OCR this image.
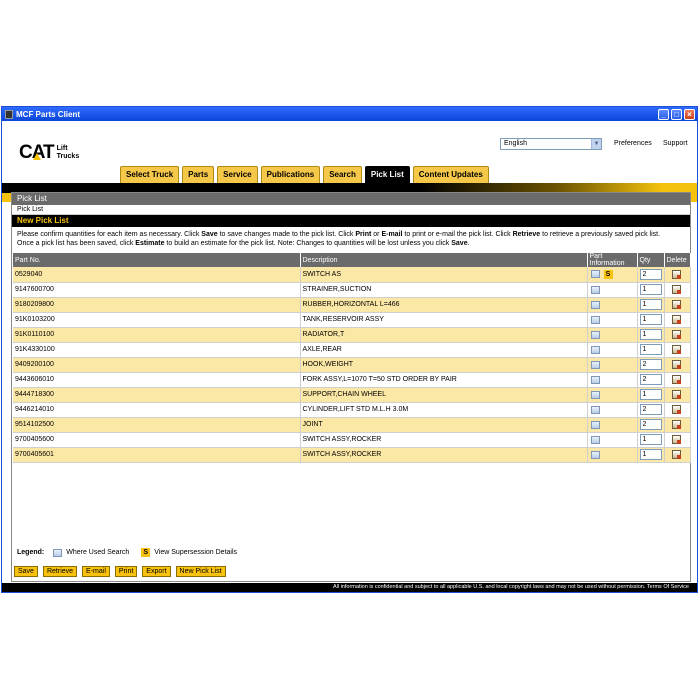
MCF Parts Client	_	□	×
CAT Lift
Trucks
English	▼ Preferences Support
Select Truck	Parts	Service	Publications	Search	Pick List	Content Updates
Pick List
Pick List
New Pick List
Please confirm quantities for each item as necessary. Click Save to save changes made to the pick list. Click Print or E-mail to print or e-mail the pick list. Click Retrieve to retrieve a previously saved pick list.
Once a pick list has been saved, click Estimate to build an estimate for the pick list. Note: Changes to quantities will be lost unless you click Save.
Part No.	Description	Part Information	Qty	Delete
0529040	SWITCH AS	S	2	
9147600700	STRAINER,SUCTION		1	
9180209800	RUBBER,HORIZONTAL L=466		1	
91K0103200	TANK,RESERVOIR ASSY		1	
91K0110100	RADIATOR,T		1	
91K4330100	AXLE,REAR		1	
9409200100	HOOK,WEIGHT		2	
9443606010	FORK ASSY,L=1070 T=50 STD ORDER BY PAIR		2	
9444718300	SUPPORT,CHAIN WHEEL		1	
9446214010	CYLINDER,LIFT STD M.L.H 3.0M		2	
9514102500	JOINT		2	
9700405600	SWITCH ASSY,ROCKER		1	
9700405601	SWITCH ASSY,ROCKER		1	
Legend:	Where Used Search	S View Supersession Details
Save	Retrieve	E-mail	Print	Export	New Pick List
All information is confidential and subject to all applicable U.S. and local copyright laws and may not be used without permission. Terms Of Service
